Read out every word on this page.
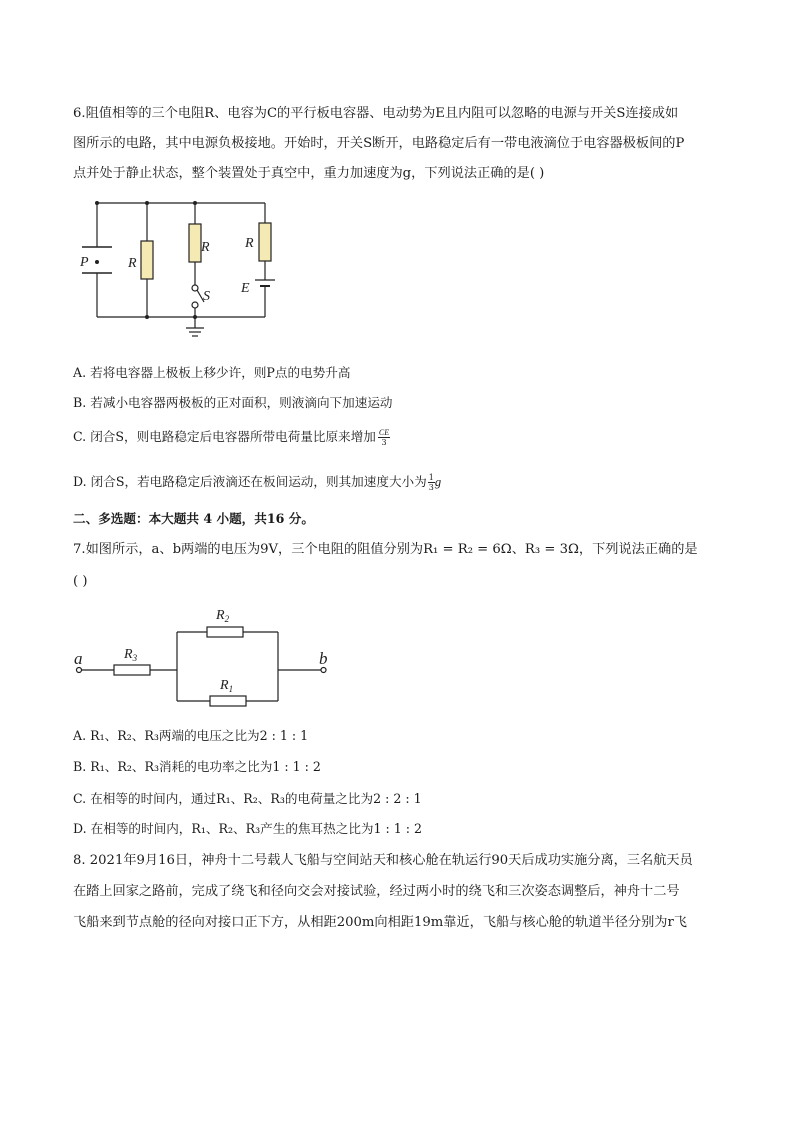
6.阻值相等的三个电阻R、电容为C的平行板电容器、电动势为E且内阻可以忽略的电源与开关S连接成如
图所示的电路，其中电源负极接地。开始时，开关S断开，电路稳定后有一带电液滴位于电容器极板间的P
点并处于静止状态，整个装置处于真空中，重力加速度为g，下列说法正确的是( )
P	R
R	R
S
E
A. 若将电容器上极板上移少许，则P点的电势升高
B. 若减小电容器两极板的正对面积，则液滴向下加速运动
C. 闭合S，则电路稳定后电容器所带电荷量比原来增加 $\frac{CE}{3}$
D. 闭合S，若电路稳定后液滴还在板间运动，则其加速度大小为 $\frac{1}{3}$ g
二、多选题：本大题共 4 小题，共16 分。
7.如图所示，a、b两端的电压为9V，三个电阻的阻值分别为R₁ = R₂ = 6Ω、R₃ = 3Ω，下列说法正确的是
( )
a	b
$R_3$
$R_2$
$R_1$
A. R₁、R₂、R₃两端的电压之比为2 : 1 : 1
B. R₁、R₂、R₃消耗的电功率之比为1 : 1 : 2
C. 在相等的时间内，通过R₁、R₂、R₃的电荷量之比为2 : 2 : 1
D. 在相等的时间内，R₁、R₂、R₃产生的焦耳热之比为1 : 1 : 2
8. 2021年9月16日，神舟十二号载人飞船与空间站天和核心舱在轨运行90天后成功实施分离，三名航天员
在踏上回家之路前，完成了绕飞和径向交会对接试验，经过两小时的绕飞和三次姿态调整后，神舟十二号
飞船来到节点舱的径向对接口正下方，从相距200m向相距19m靠近，飞船与核心舱的轨道半径分别为r飞
